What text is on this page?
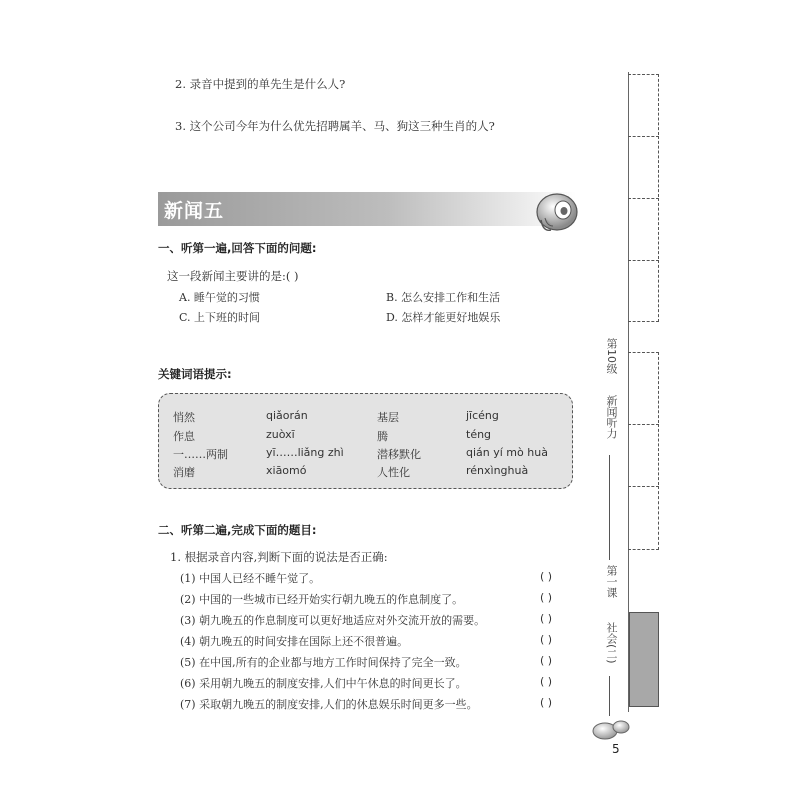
2. 录音中提到的单先生是什么人?
3. 这个公司今年为什么优先招聘属羊、马、狗这三种生肖的人?
新闻五
一、听第一遍,回答下面的问题:
这一段新闻主要讲的是:( )
A. 睡午觉的习惯	B. 怎么安排工作和生活
C. 上下班的时间	D. 怎样才能更好地娱乐
关键词语提示:
悄然	qiǎorán	基层	jīcéng
作息	zuòxī	腾	téng
一……两制	yī……liǎng zhì	潜移默化	qián yí mò huà
消磨	xiāomó	人性化	rénxìnghuà
二、听第二遍,完成下面的题目:
1. 根据录音内容,判断下面的说法是否正确:
(1) 中国人已经不睡午觉了。	( )
(2) 中国的一些城市已经开始实行朝九晚五的作息制度了。	( )
(3) 朝九晚五的作息制度可以更好地适应对外交流开放的需要。	( )
(4) 朝九晚五的时间安排在国际上还不很普遍。	( )
(5) 在中国,所有的企业都与地方工作时间保持了完全一致。	( )
(6) 采用朝九晚五的制度安排,人们中午休息的时间更长了。	( )
(7) 采取朝九晚五的制度安排,人们的休息娱乐时间更多一些。	( )
第10级
新闻听力
第一课
社会(二)
5
